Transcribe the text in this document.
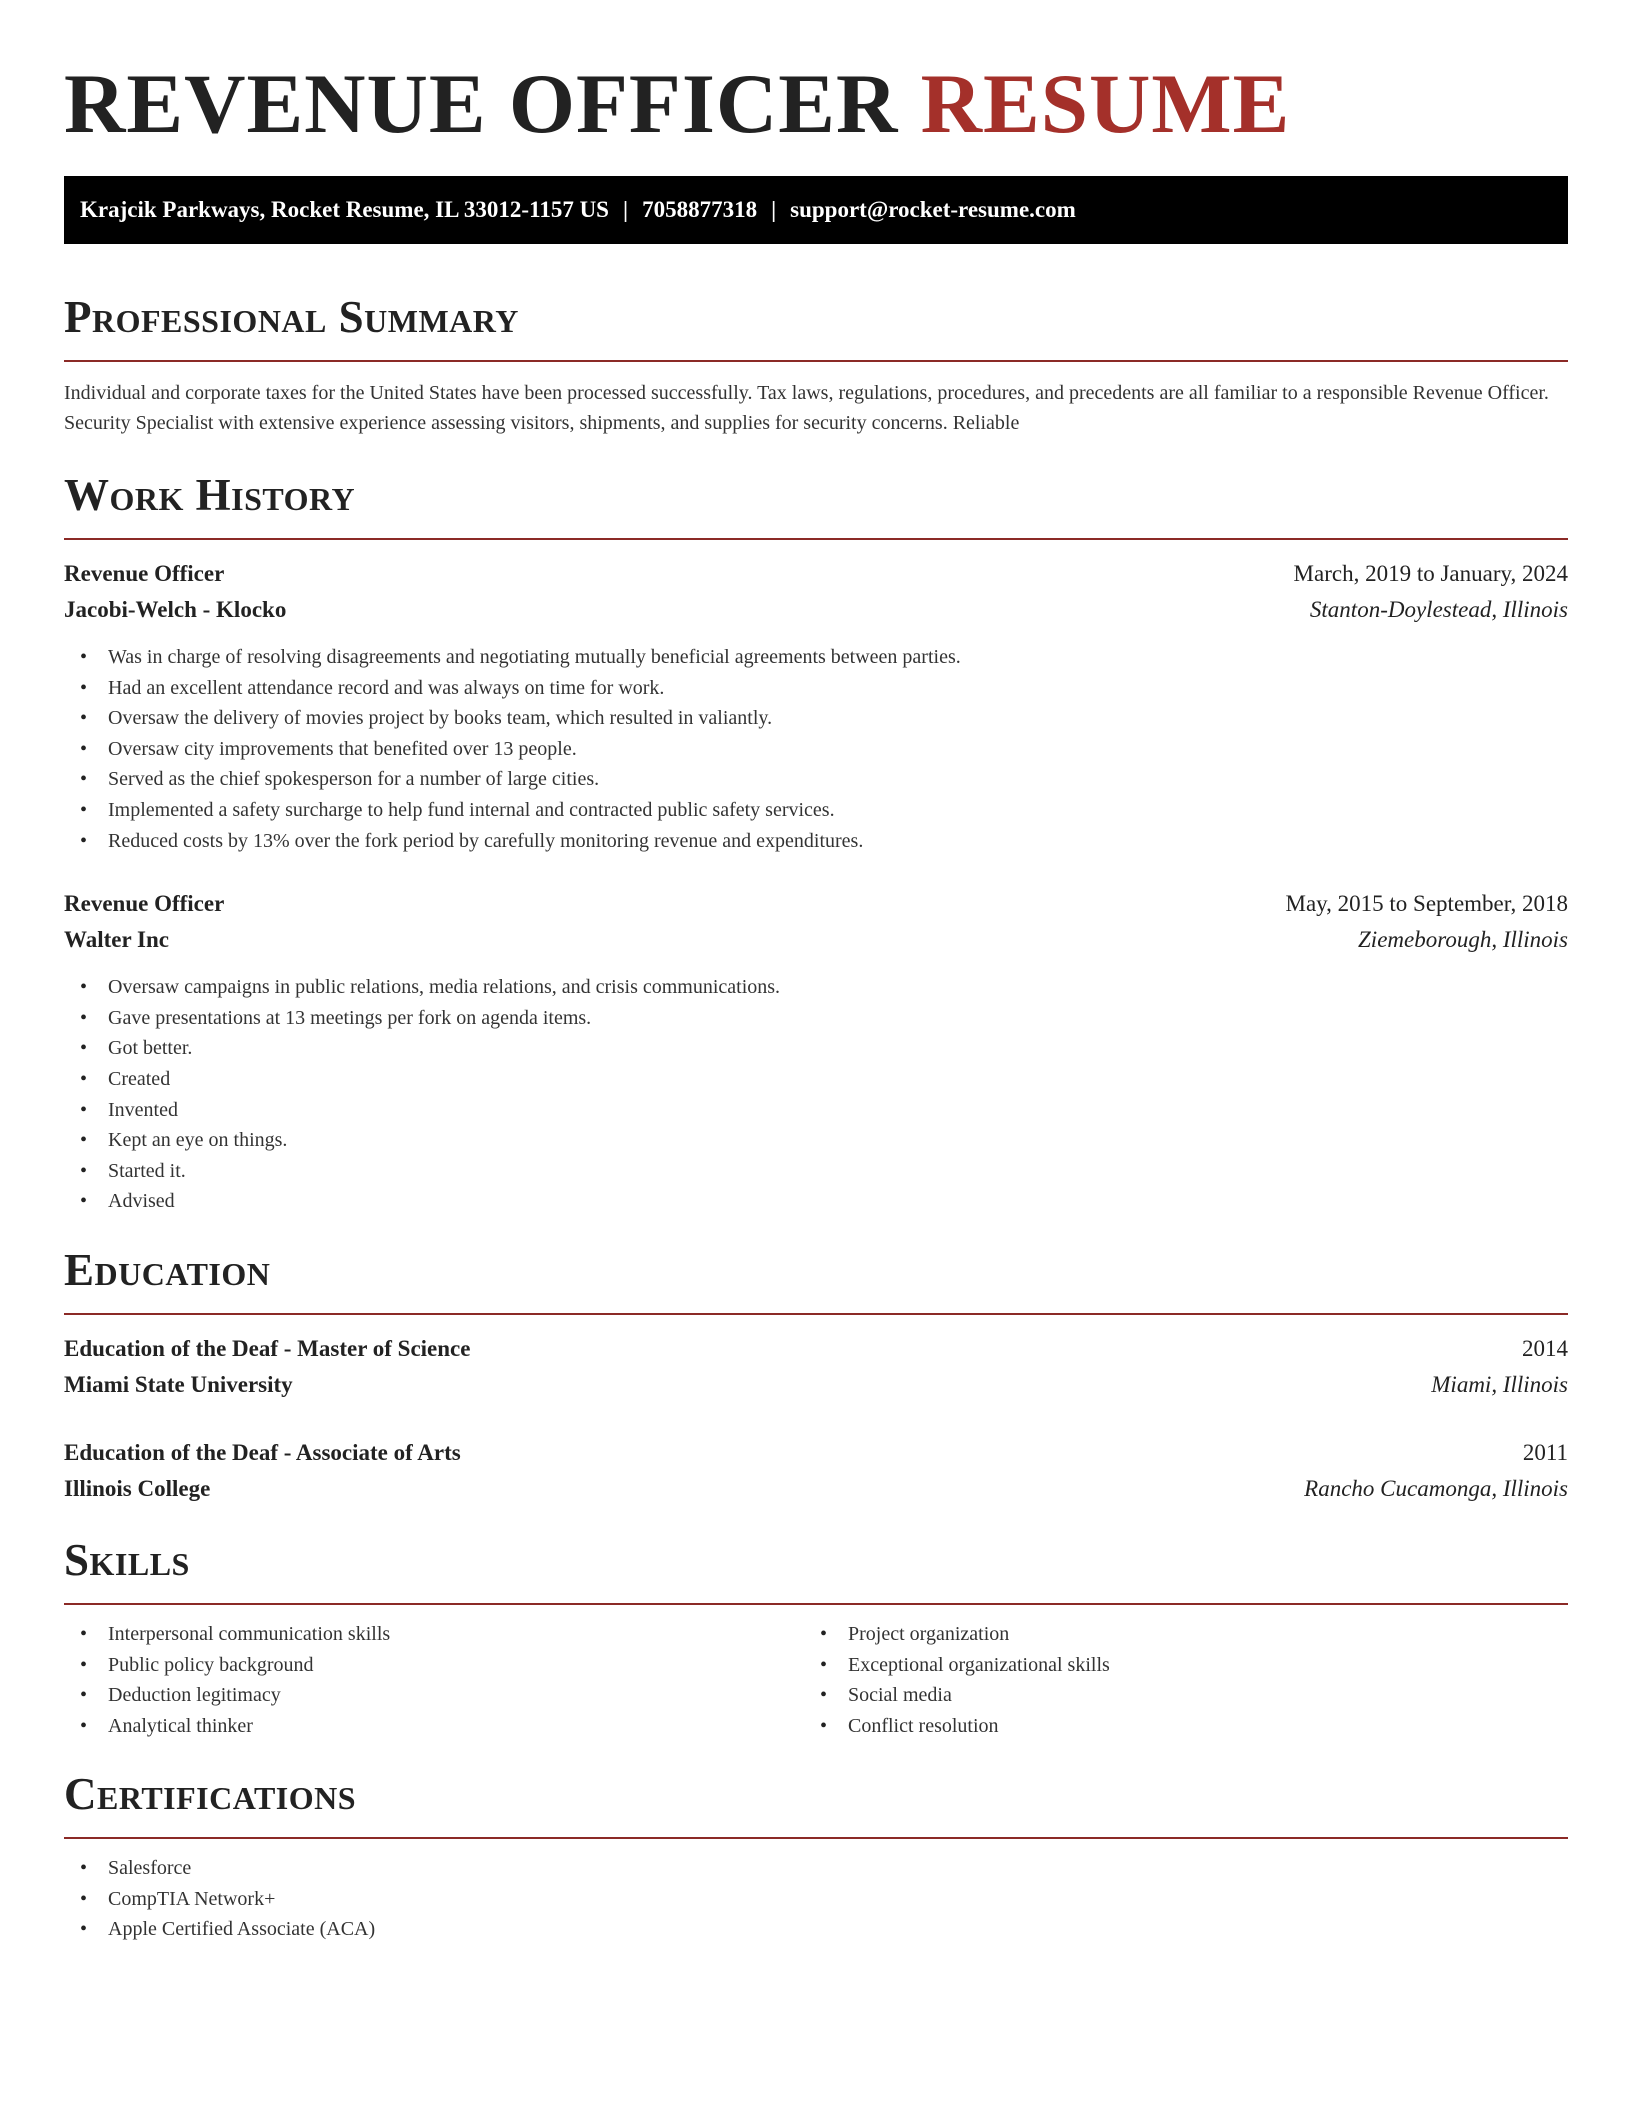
REVENUE OFFICER RESUME
Krajcik Parkways, Rocket Resume, IL 33012-1157 US | 7058877318 | support@rocket-resume.com
Professional Summary

Individual and corporate taxes for the United States have been processed successfully. Tax laws, regulations, procedures, and precedents are all familiar to a responsible Revenue Officer. Security Specialist with extensive experience assessing visitors, shipments, and supplies for security concerns. Reliable

Work History
Revenue Officer	March, 2019 to January, 2024
Jacobi-Welch - Klocko	Stanton-Doylestead, Illinois
• Was in charge of resolving disagreements and negotiating mutually beneficial agreements between parties.
• Had an excellent attendance record and was always on time for work.
• Oversaw the delivery of movies project by books team, which resulted in valiantly.
• Oversaw city improvements that benefited over 13 people.
• Served as the chief spokesperson for a number of large cities.
• Implemented a safety surcharge to help fund internal and contracted public safety services.
• Reduced costs by 13% over the fork period by carefully monitoring revenue and expenditures.
Revenue Officer	May, 2015 to September, 2018
Walter Inc	Ziemeborough, Illinois
• Oversaw campaigns in public relations, media relations, and crisis communications.
• Gave presentations at 13 meetings per fork on agenda items.
• Got better.
• Created
• Invented
• Kept an eye on things.
• Started it.
• Advised
Education
Education of the Deaf - Master of Science	2014
Miami State University	Miami, Illinois
Education of the Deaf - Associate of Arts	2011
Illinois College	Rancho Cucamonga, Illinois
Skills
• Interpersonal communication skills
• Public policy background
• Deduction legitimacy
• Analytical thinker
• Project organization
• Exceptional organizational skills
• Social media
• Conflict resolution
Certifications
• Salesforce
• CompTIA Network+
• Apple Certified Associate (ACA)
